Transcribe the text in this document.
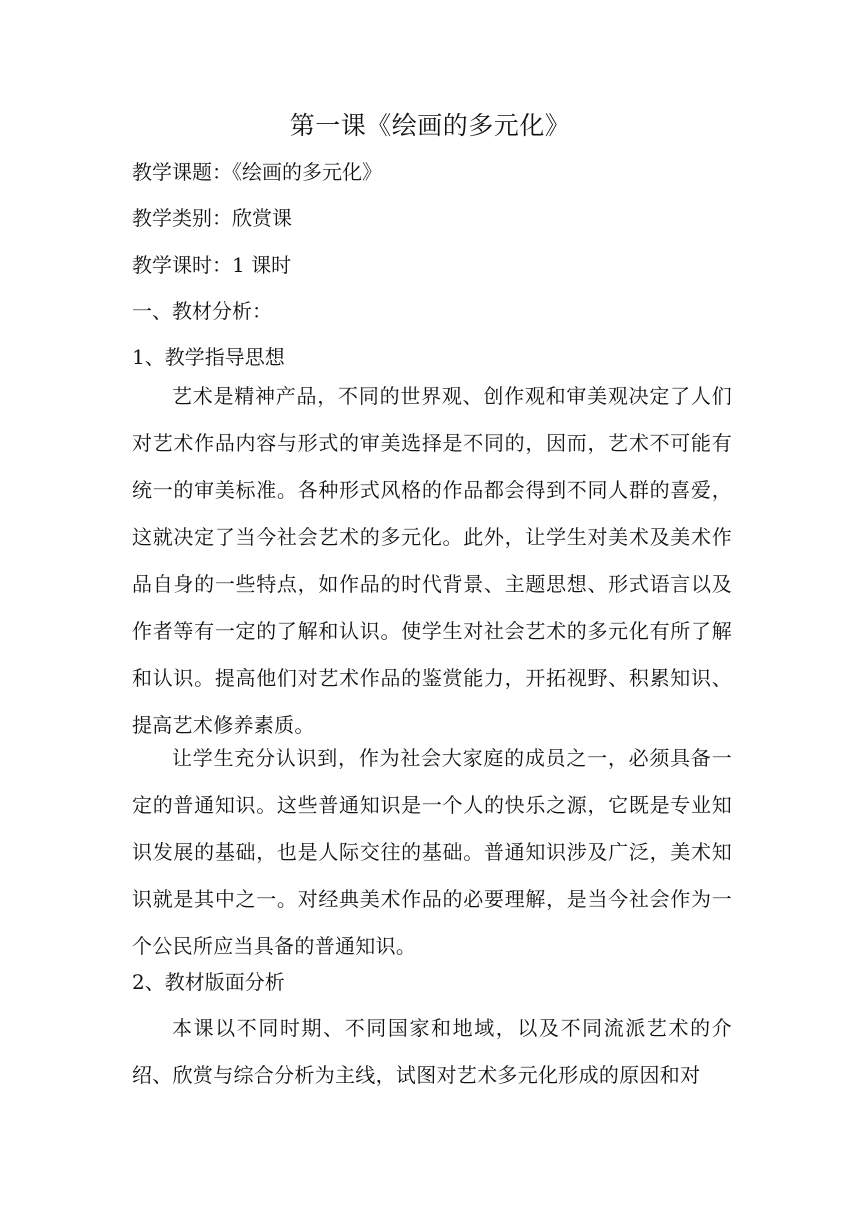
第一课《绘画的多元化》
教学课题：《绘画的多元化》
教学类别：欣赏课
教学课时：1 课时
一、教材分析：
1、教学指导思想

艺术是精神产品，不同的世界观、创作观和审美观决定了人们对艺术作品内容与形式的审美选择是不同的，因而，艺术不可能有统一的审美标准。各种形式风格的作品都会得到不同人群的喜爱，这就决定了当今社会艺术的多元化。此外，让学生对美术及美术作品自身的一些特点，如作品的时代背景、主题思想、形式语言以及作者等有一定的了解和认识。使学生对社会艺术的多元化有所了解和认识。提高他们对艺术作品的鉴赏能力，开拓视野、积累知识、提高艺术修养素质。

让学生充分认识到，作为社会大家庭的成员之一，必须具备一定的普通知识。这些普通知识是一个人的快乐之源，它既是专业知识发展的基础，也是人际交往的基础。普通知识涉及广泛，美术知识就是其中之一。对经典美术作品的必要理解，是当今社会作为一个公民所应当具备的普通知识。

2、教材版面分析

本课以不同时期、不同国家和地域，以及不同流派艺术的介绍、欣赏与综合分析为主线，试图对艺术多元化形成的原因和对
